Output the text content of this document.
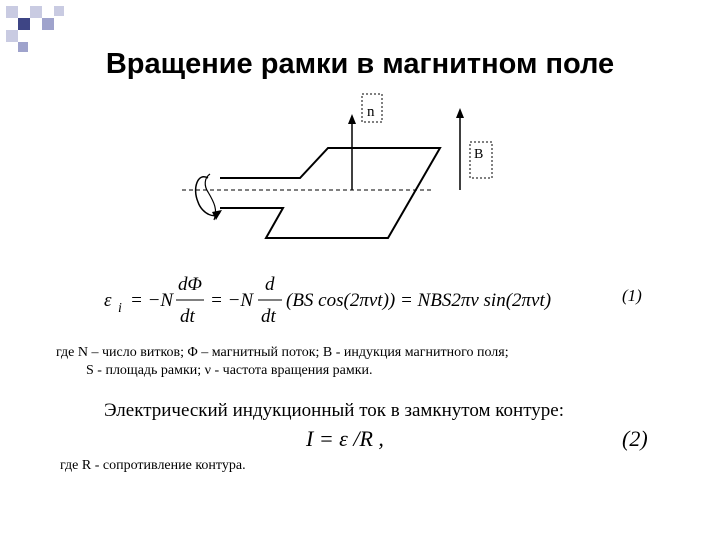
Вращение рамки в магнитном поле
n
B
ε i = −N
dΦ
dt
= −N
d
dt
(BS cos(2πνt)) = NBS2πν sin(2πνt)	(1)
где N – число витков; Φ – магнитный поток; B - индукция магнитного поля;
S - площадь рамки; ν - частота вращения рамки.
Электрический индукционный ток в замкнутом контуре:
I = ε /R ,	(2)
где R - сопротивление контура.
